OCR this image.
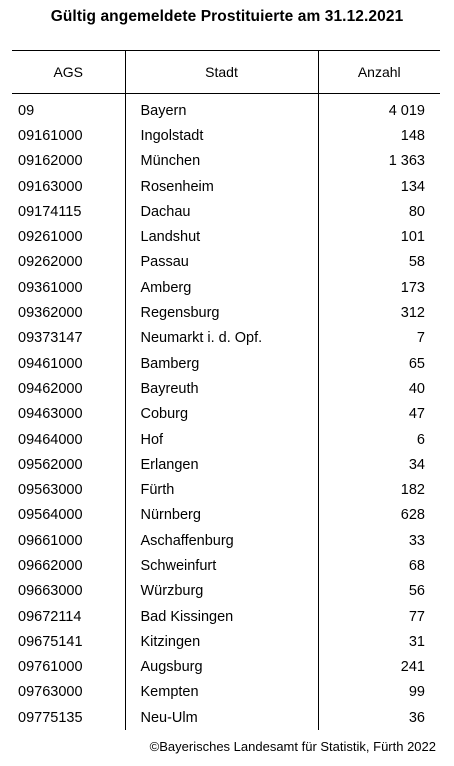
Gültig angemeldete Prostituierte am 31.12.2021
AGS	Stadt	Anzahl
09	Bayern	4 019
09161000	Ingolstadt	148
09162000	München	1 363
09163000	Rosenheim	134
09174115	Dachau	80
09261000	Landshut	101
09262000	Passau	58
09361000	Amberg	173
09362000	Regensburg	312
09373147	Neumarkt i. d. Opf.	7
09461000	Bamberg	65
09462000	Bayreuth	40
09463000	Coburg	47
09464000	Hof	6
09562000	Erlangen	34
09563000	Fürth	182
09564000	Nürnberg	628
09661000	Aschaffenburg	33
09662000	Schweinfurt	68
09663000	Würzburg	56
09672114	Bad Kissingen	77
09675141	Kitzingen	31
09761000	Augsburg	241
09763000	Kempten	99
09775135	Neu-Ulm	36
©Bayerisches Landesamt für Statistik, Fürth 2022
